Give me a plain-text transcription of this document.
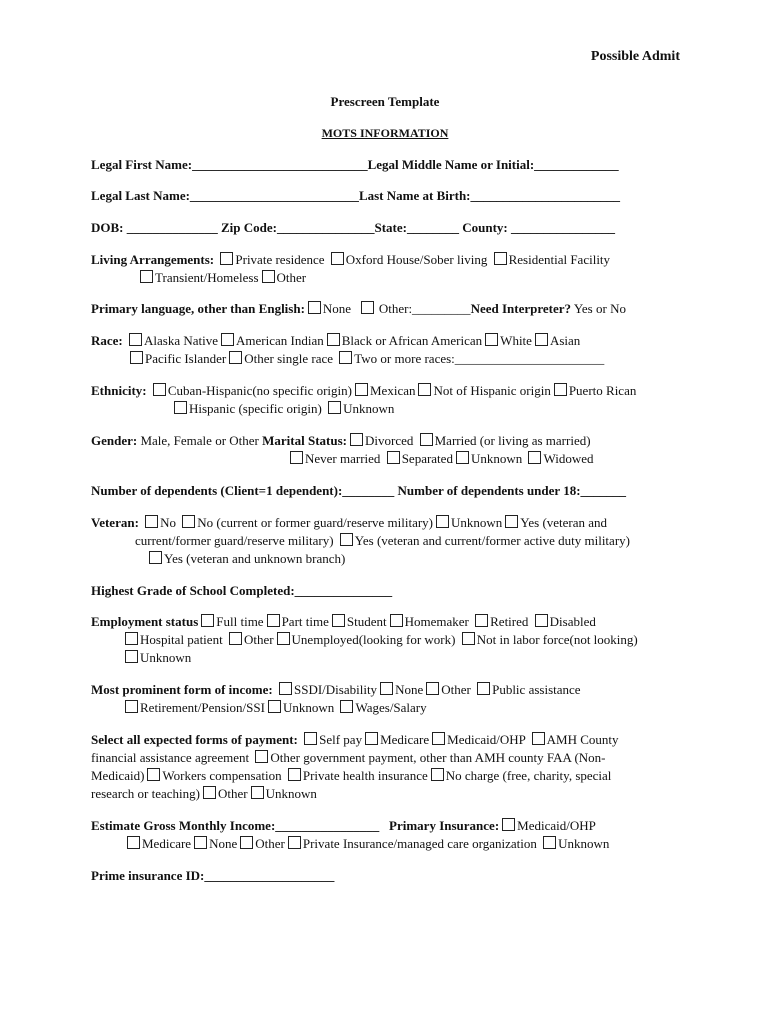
Possible Admit
Prescreen Template
MOTS INFORMATION
Legal First Name:___________________________Legal Middle Name or Initial:_____________
Legal Last Name:__________________________Last Name at Birth:_______________________
DOB: ______________ Zip Code:_______________State:________ County: ________________
Living Arrangements: Private residence Oxford House/Sober living Residential Facility
Transient/Homeless Other
Primary language, other than English: None Other:_________Need Interpreter? Yes or No
Race: Alaska Native American Indian Black or African American White Asian
Pacific Islander Other single race Two or more races:_______________________
Ethnicity: Cuban-Hispanic(no specific origin) Mexican Not of Hispanic origin Puerto Rican
Hispanic (specific origin) Unknown
Gender: Male, Female or Other Marital Status: Divorced Married (or living as married)
Never married Separated Unknown Widowed
Number of dependents (Client=1 dependent):________ Number of dependents under 18:_______
Veteran: No No (current or former guard/reserve military) Unknown Yes (veteran and
current/former guard/reserve military) Yes (veteran and current/former active duty military)
Yes (veteran and unknown branch)
Highest Grade of School Completed:_______________
Employment status Full time Part time Student Homemaker Retired Disabled
Hospital patient Other Unemployed(looking for work) Not in labor force(not looking)
Unknown
Most prominent form of income: SSDI/Disability None Other Public assistance
Retirement/Pension/SSI Unknown Wages/Salary
Select all expected forms of payment: Self pay Medicare Medicaid/OHP AMH County
financial assistance agreement Other government payment, other than AMH county FAA (Non-
Medicaid) Workers compensation Private health insurance No charge (free, charity, special
research or teaching) Other Unknown
Estimate Gross Monthly Income:________________ Primary Insurance: Medicaid/OHP
Medicare None Other Private Insurance/managed care organization Unknown
Prime insurance ID:____________________
